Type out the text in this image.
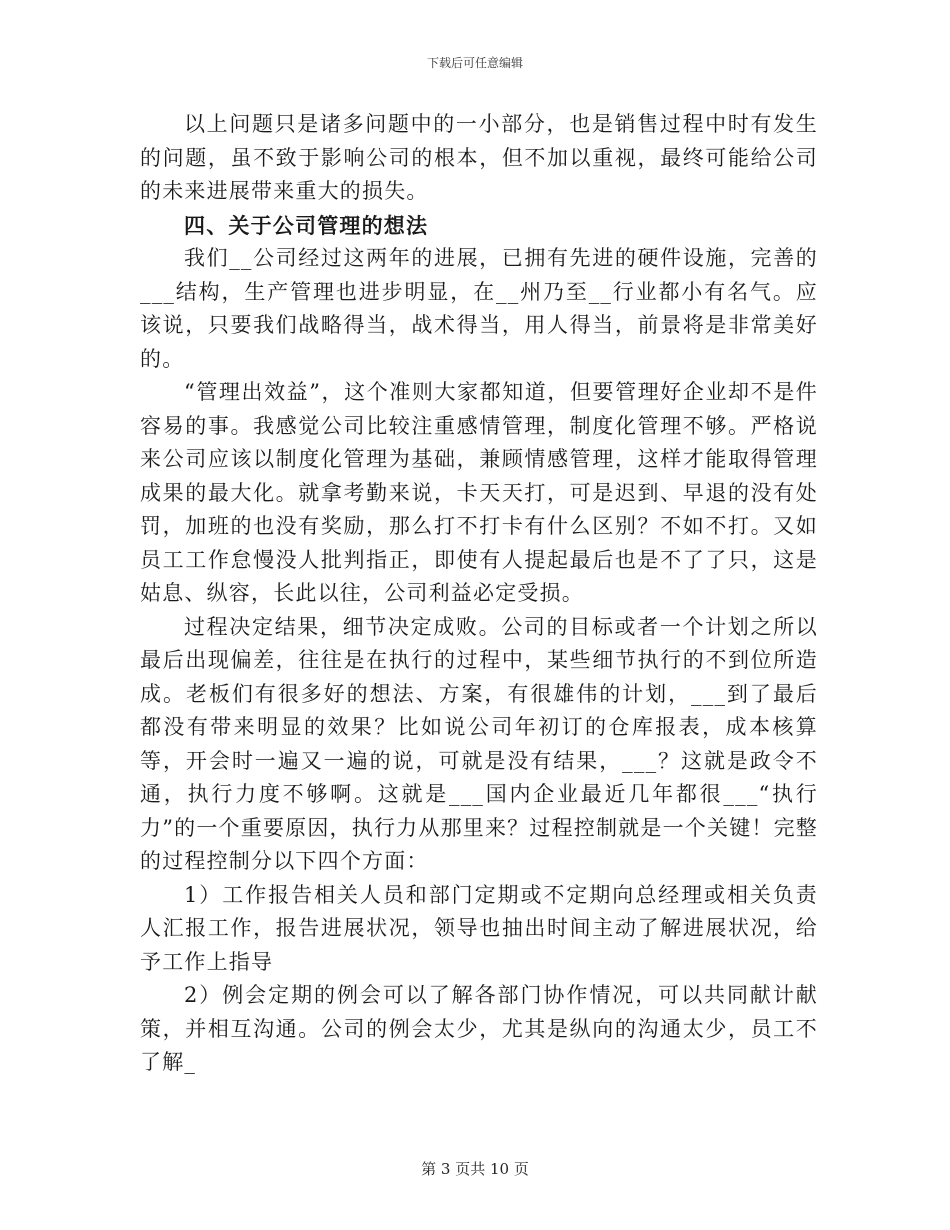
下载后可任意编辑

以上问题只是诸多问题中的一小部分，也是销售过程中时有发生的问题，虽不致于影响公司的根本，但不加以重视，最终可能给公司的未来进展带来重大的损失。

四、关于公司管理的想法

我们__公司经过这两年的进展，已拥有先进的硬件设施，完善的___结构，生产管理也进步明显，在__州乃至__行业都小有名气。应该说，只要我们战略得当，战术得当，用人得当，前景将是非常美好的。

“管理出效益”，这个准则大家都知道，但要管理好企业却不是件容易的事。我感觉公司比较注重感情管理，制度化管理不够。严格说来公司应该以制度化管理为基础，兼顾情感管理，这样才能取得管理成果的最大化。就拿考勤来说，卡天天打，可是迟到、早退的没有处罚，加班的也没有奖励，那么打不打卡有什么区别？不如不打。又如员工工作怠慢没人批判指正，即使有人提起最后也是不了了只，这是姑息、纵容，长此以往，公司利益必定受损。

过程决定结果，细节决定成败。公司的目标或者一个计划之所以最后出现偏差，往往是在执行的过程中，某些细节执行的不到位所造成。老板们有很多好的想法、方案，有很雄伟的计划，___到了最后都没有带来明显的效果？比如说公司年初订的仓库报表，成本核算等，开会时一遍又一遍的说，可就是没有结果，___？这就是政令不通，执行力度不够啊。这就是___国内企业最近几年都很___“执行力”的一个重要原因，执行力从那里来？过程控制就是一个关键！完整的过程控制分以下四个方面：

1）工作报告相关人员和部门定期或不定期向总经理或相关负责人汇报工作，报告进展状况，领导也抽出时间主动了解进展状况，给予工作上指导

2）例会定期的例会可以了解各部门协作情况，可以共同献计献策，并相互沟通。公司的例会太少，尤其是纵向的沟通太少，员工不了解_

第 3 页共 10 页
